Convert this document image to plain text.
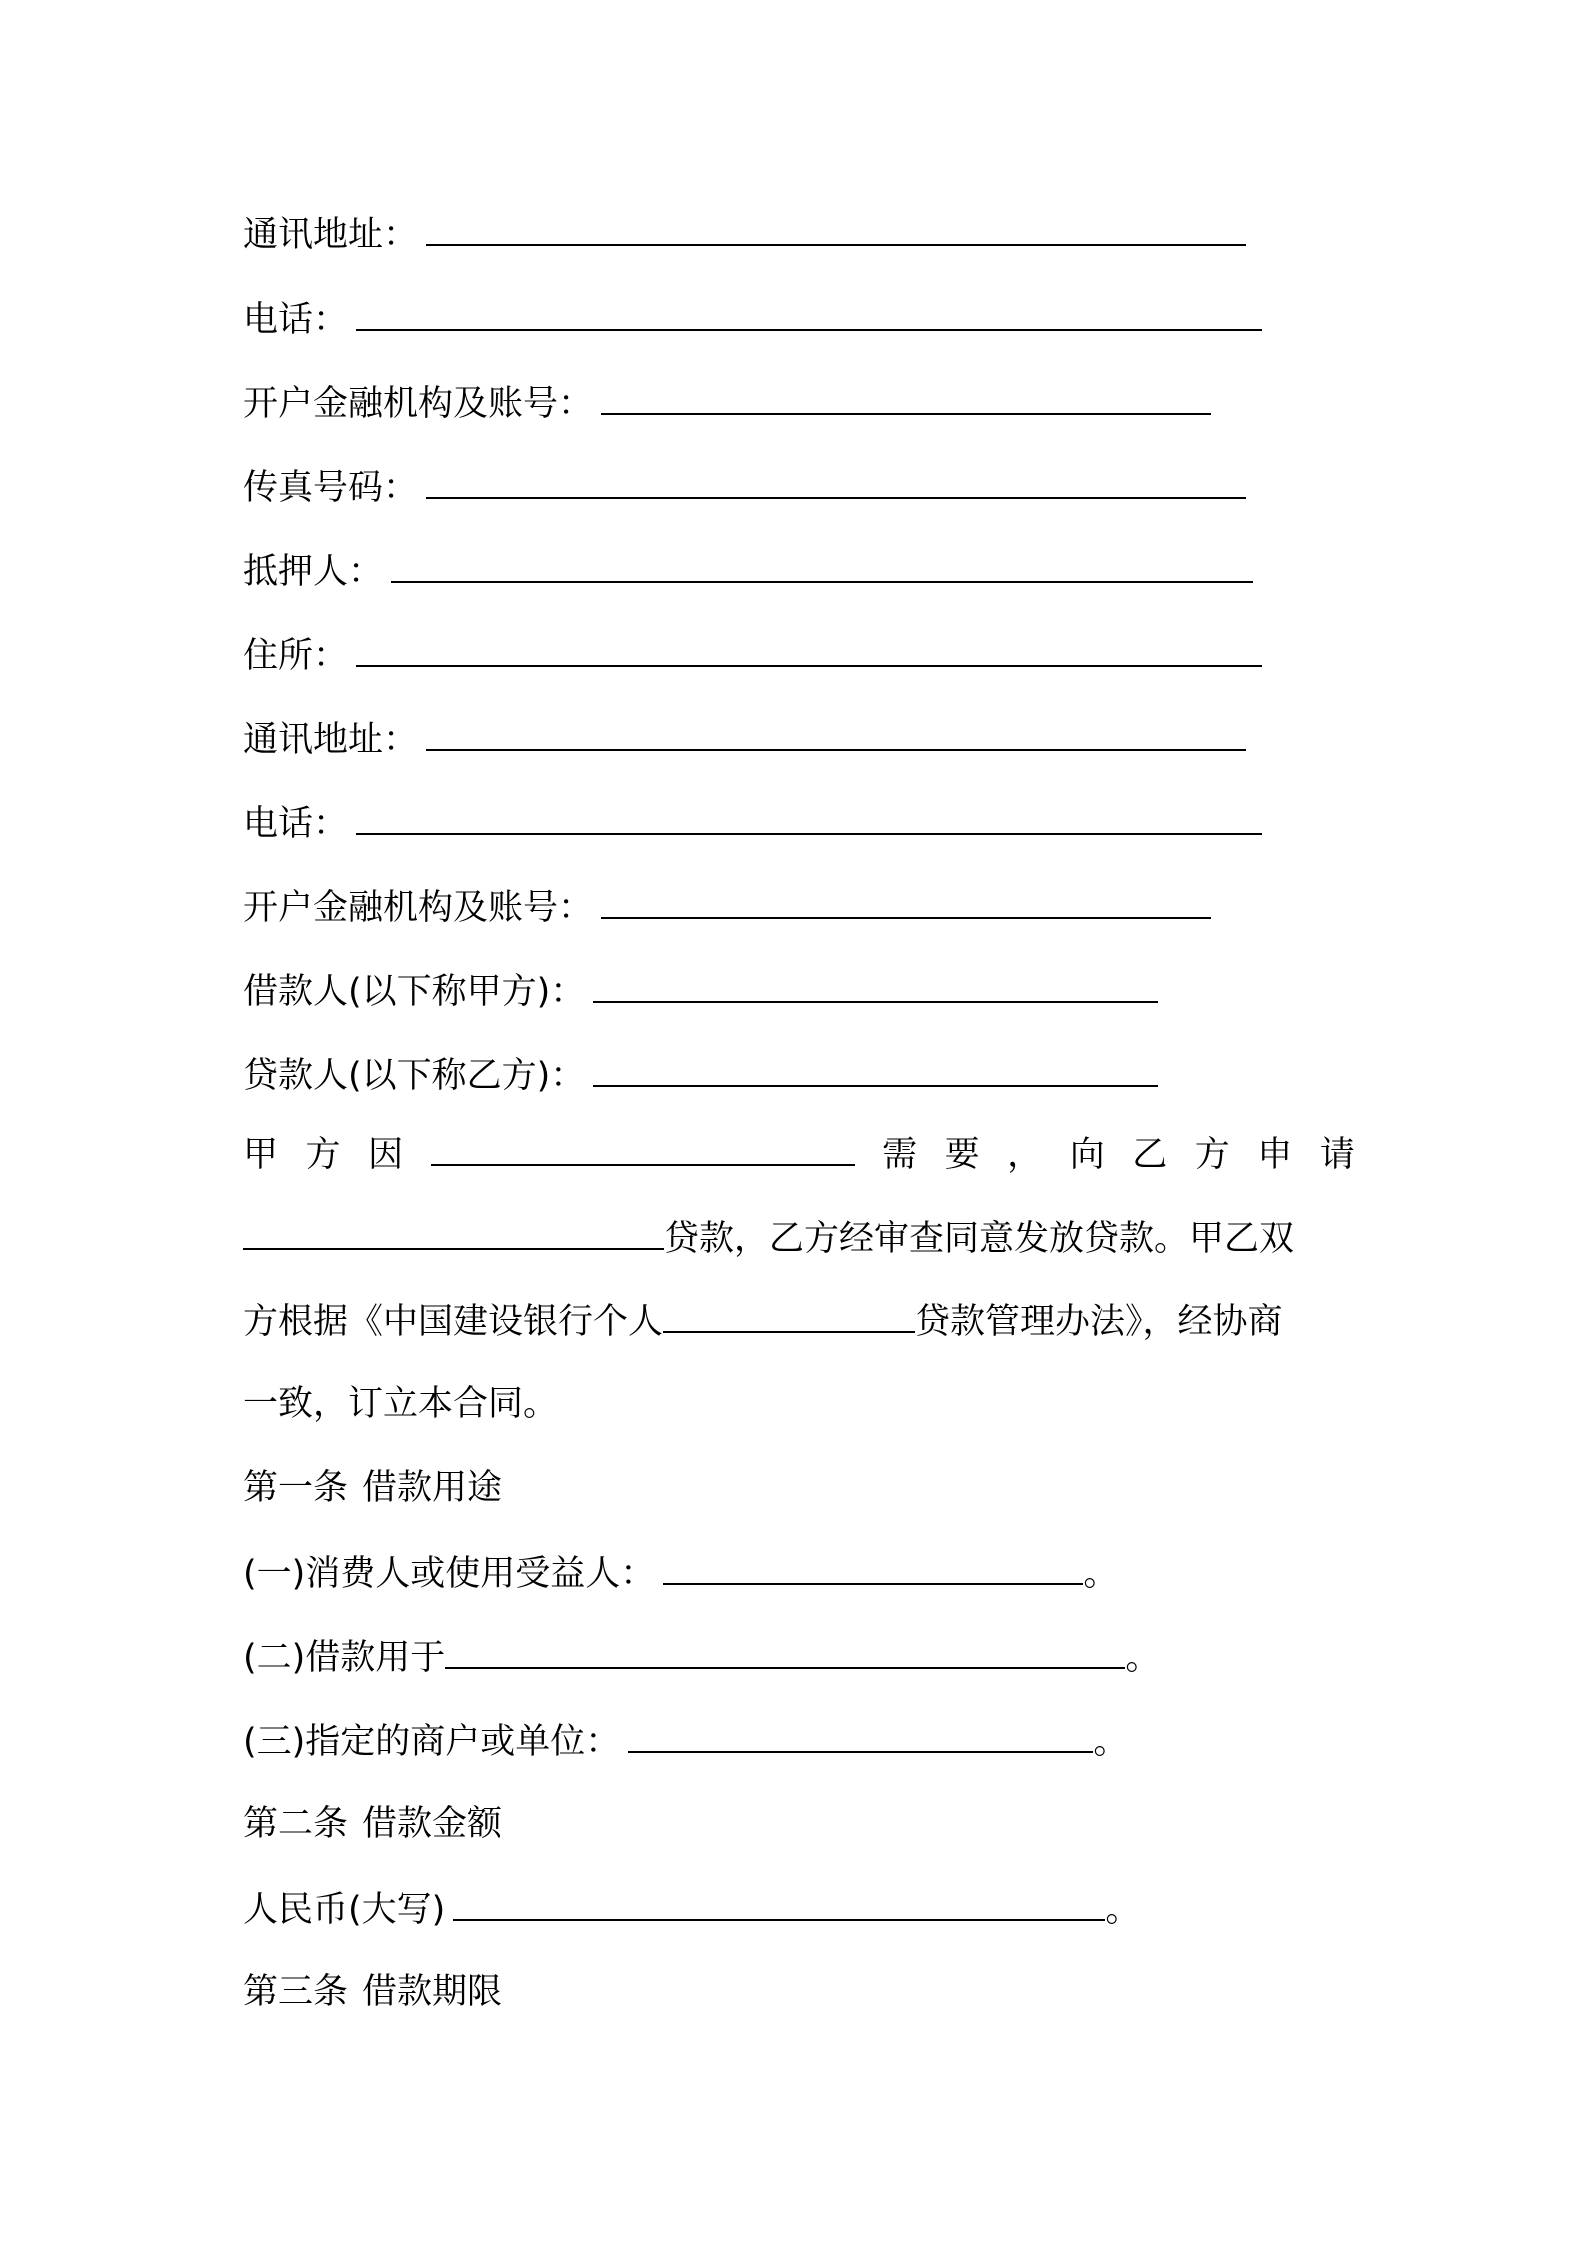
通讯地址：
电话：
开户金融机构及账号：
传真号码：
抵押人：
住所：
通讯地址：
电话：
开户金融机构及账号：
借款人(以下称甲方)：
贷款人(以下称乙方)：
甲 方 因	需 要 ， 向 乙 方 申 请
贷款，乙方经审查同意发放贷款。甲乙双
方根据《中国建设银行个人	贷款管理办法》，经协商
一致，订立本合同。
第一条 借款用途
(一)消费人或使用受益人：	。
(二)借款用于	。
(三)指定的商户或单位：	。
第二条 借款金额
人民币(大写)	。
第三条 借款期限
